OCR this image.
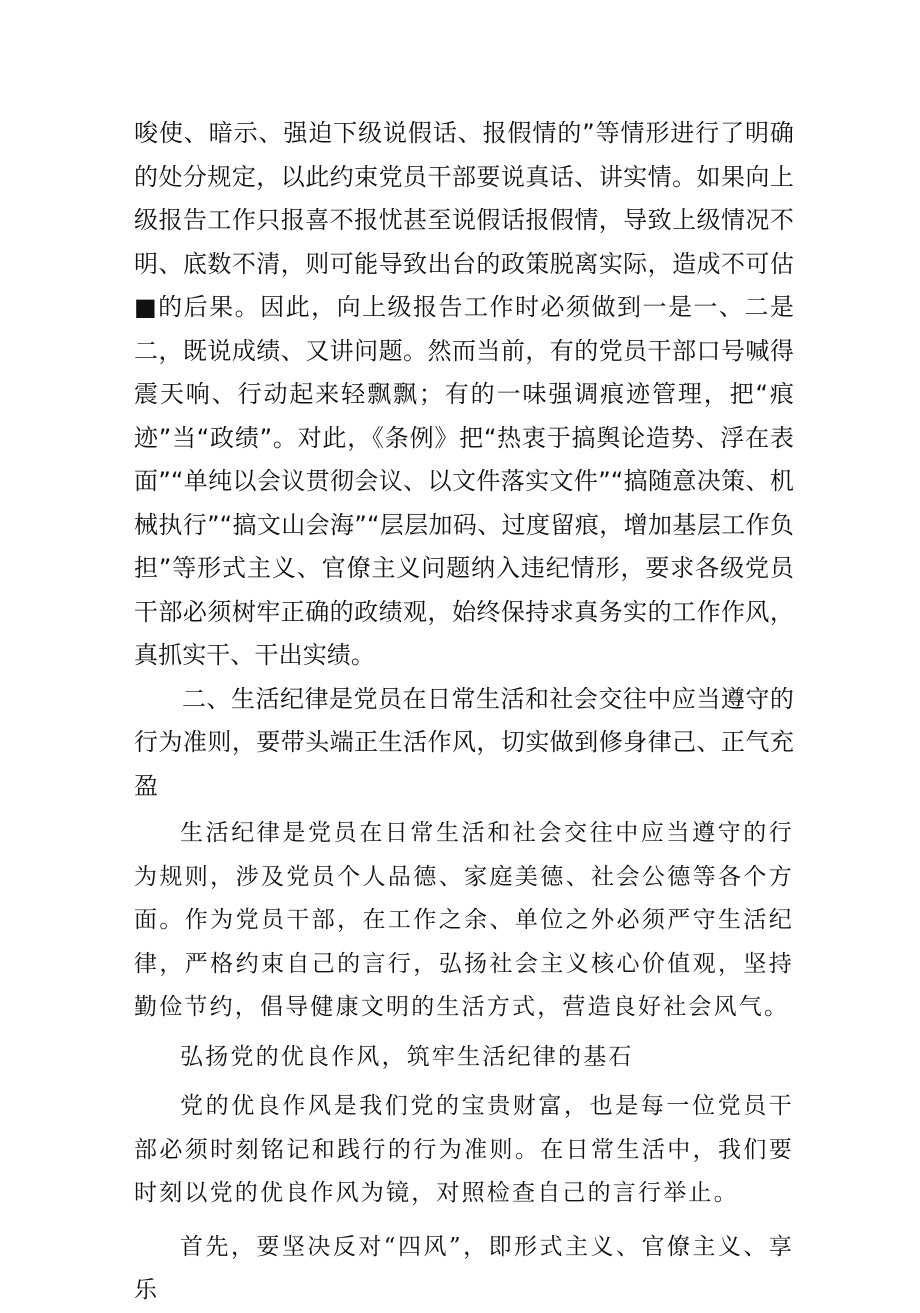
唆使、暗示、强迫下级说假话、报假情的”等情形进行了明确的处分规定，以此约束党员干部要说真话、讲实情。如果向上级报告工作只报喜不报忧甚至说假话报假情，导致上级情况不明、底数不清，则可能导致出台的政策脱离实际，造成不可估■的后果。因此，向上级报告工作时必须做到一是一、二是二，既说成绩、又讲问题。然而当前，有的党员干部口号喊得震天响、行动起来轻飘飘；有的一味强调痕迹管理，把“痕迹”当“政绩”。对此，《条例》把“热衷于搞舆论造势、浮在表面”“单纯以会议贯彻会议、以文件落实文件”“搞随意决策、机械执行”“搞文山会海”“层层加码、过度留痕，增加基层工作负担”等形式主义、官僚主义问题纳入违纪情形，要求各级党员干部必须树牢正确的政绩观，始终保持求真务实的工作作风，真抓实干、干出实绩。

二、生活纪律是党员在日常生活和社会交往中应当遵守的行为准则，要带头端正生活作风，切实做到修身律己、正气充盈

生活纪律是党员在日常生活和社会交往中应当遵守的行为规则，涉及党员个人品德、家庭美德、社会公德等各个方面。作为党员干部，在工作之余、单位之外必须严守生活纪律，严格约束自己的言行，弘扬社会主义核心价值观，坚持勤俭节约，倡导健康文明的生活方式，营造良好社会风气。

弘扬党的优良作风，筑牢生活纪律的基石

党的优良作风是我们党的宝贵财富，也是每一位党员干部必须时刻铭记和践行的行为准则。在日常生活中，我们要时刻以党的优良作风为镜，对照检查自己的言行举止。

首先，要坚决反对“四风”，即形式主义、官僚主义、享乐
